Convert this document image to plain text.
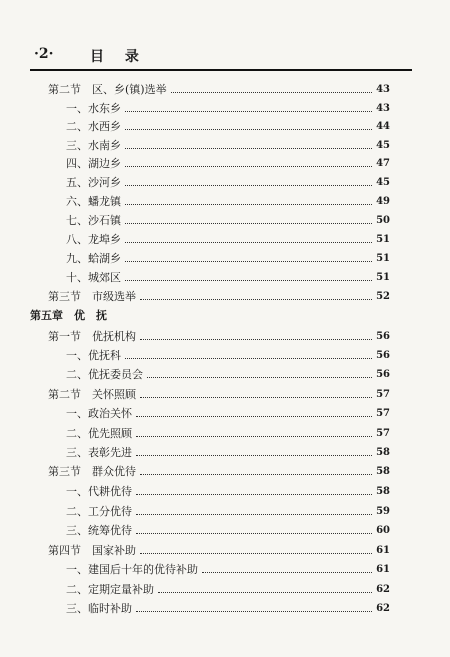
·2·	目 录
第二节　区、乡(镇)选举	43
一、水东乡	43
二、水西乡	44
三、水南乡	45
四、湖边乡	47
五、沙河乡	45
六、蟠龙镇	49
七、沙石镇	50
八、龙埠乡	51
九、蛤湖乡	51
十、城郊区	51
第三节　市级选举	52
第五章　优　抚
第一节　优抚机构	56
一、优抚科	56
二、优抚委员会	56
第二节　关怀照顾	57
一、政治关怀	57
二、优先照顾	57
三、表彰先进	58
第三节　群众优待	58
一、代耕优待	58
二、工分优待	59
三、统筹优待	60
第四节　国家补助	61
一、建国后十年的优待补助	61
二、定期定量补助	62
三、临时补助	62
